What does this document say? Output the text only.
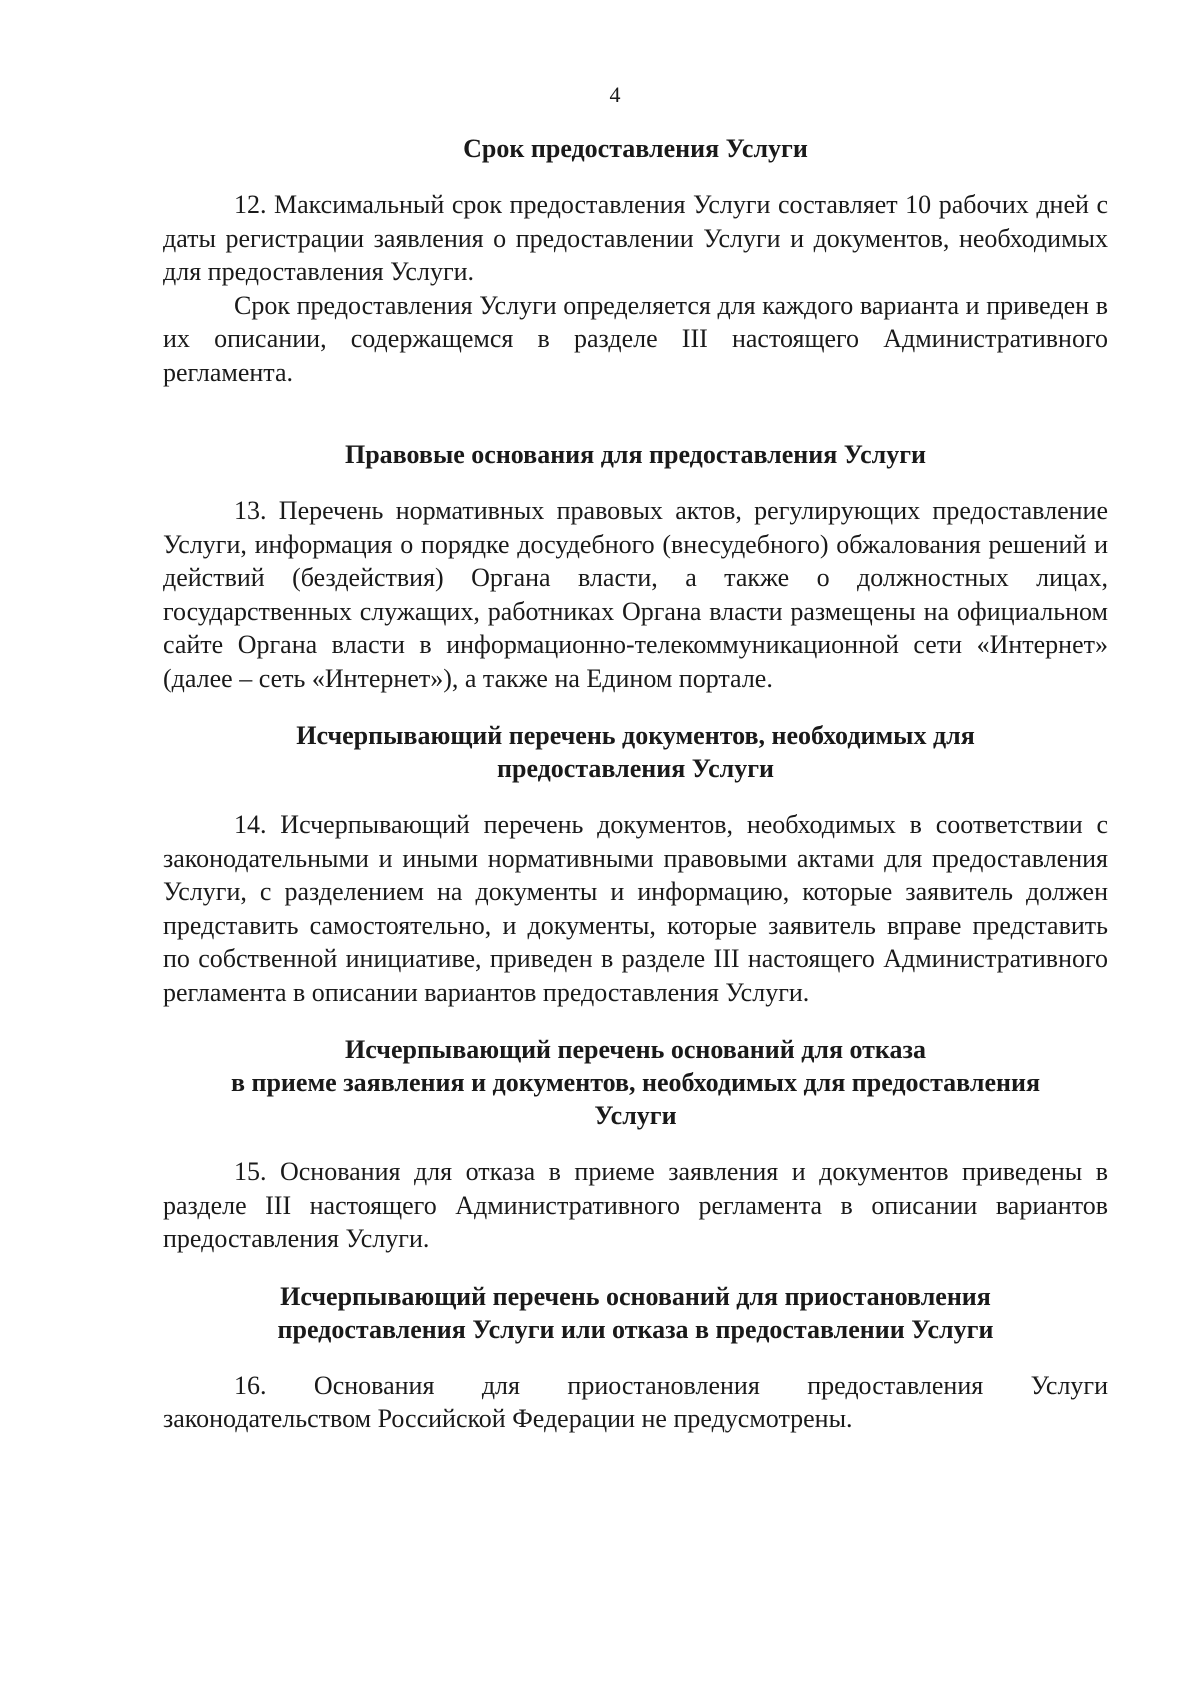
4
Срок предоставления Услуги

12. Максимальный срок предоставления Услуги составляет 10 рабочих дней с даты регистрации заявления о предоставлении Услуги и документов, необходимых для предоставления Услуги.

Срок предоставления Услуги определяется для каждого варианта и приведен в их описании, содержащемся в разделе III настоящего Административного регламента.

Правовые основания для предоставления Услуги

13. Перечень нормативных правовых актов, регулирующих предоставление Услуги, информация о порядке досудебного (внесудебного) обжалования решений и действий (бездействия) Органа власти, а также о должностных лицах, государственных служащих, работниках Органа власти размещены на официальном сайте Органа власти в информационно-телекоммуникационной сети «Интернет» (далее – сеть «Интернет»), а также на Едином портале.

Исчерпывающий перечень документов, необходимых для
предоставления Услуги

14. Исчерпывающий перечень документов, необходимых в соответствии с законодательными и иными нормативными правовыми актами для предоставления Услуги, с разделением на документы и информацию, которые заявитель должен представить самостоятельно, и документы, которые заявитель вправе представить по собственной инициативе, приведен в разделе III настоящего Административного регламента в описании вариантов предоставления Услуги.

Исчерпывающий перечень оснований для отказа
в приеме заявления и документов, необходимых для предоставления
Услуги

15. Основания для отказа в приеме заявления и документов приведены в разделе III настоящего Административного регламента в описании вариантов предоставления Услуги.

Исчерпывающий перечень оснований для приостановления
предоставления Услуги или отказа в предоставлении Услуги

16. Основания для приостановления предоставления Услуги законодательством Российской Федерации не предусмотрены.
